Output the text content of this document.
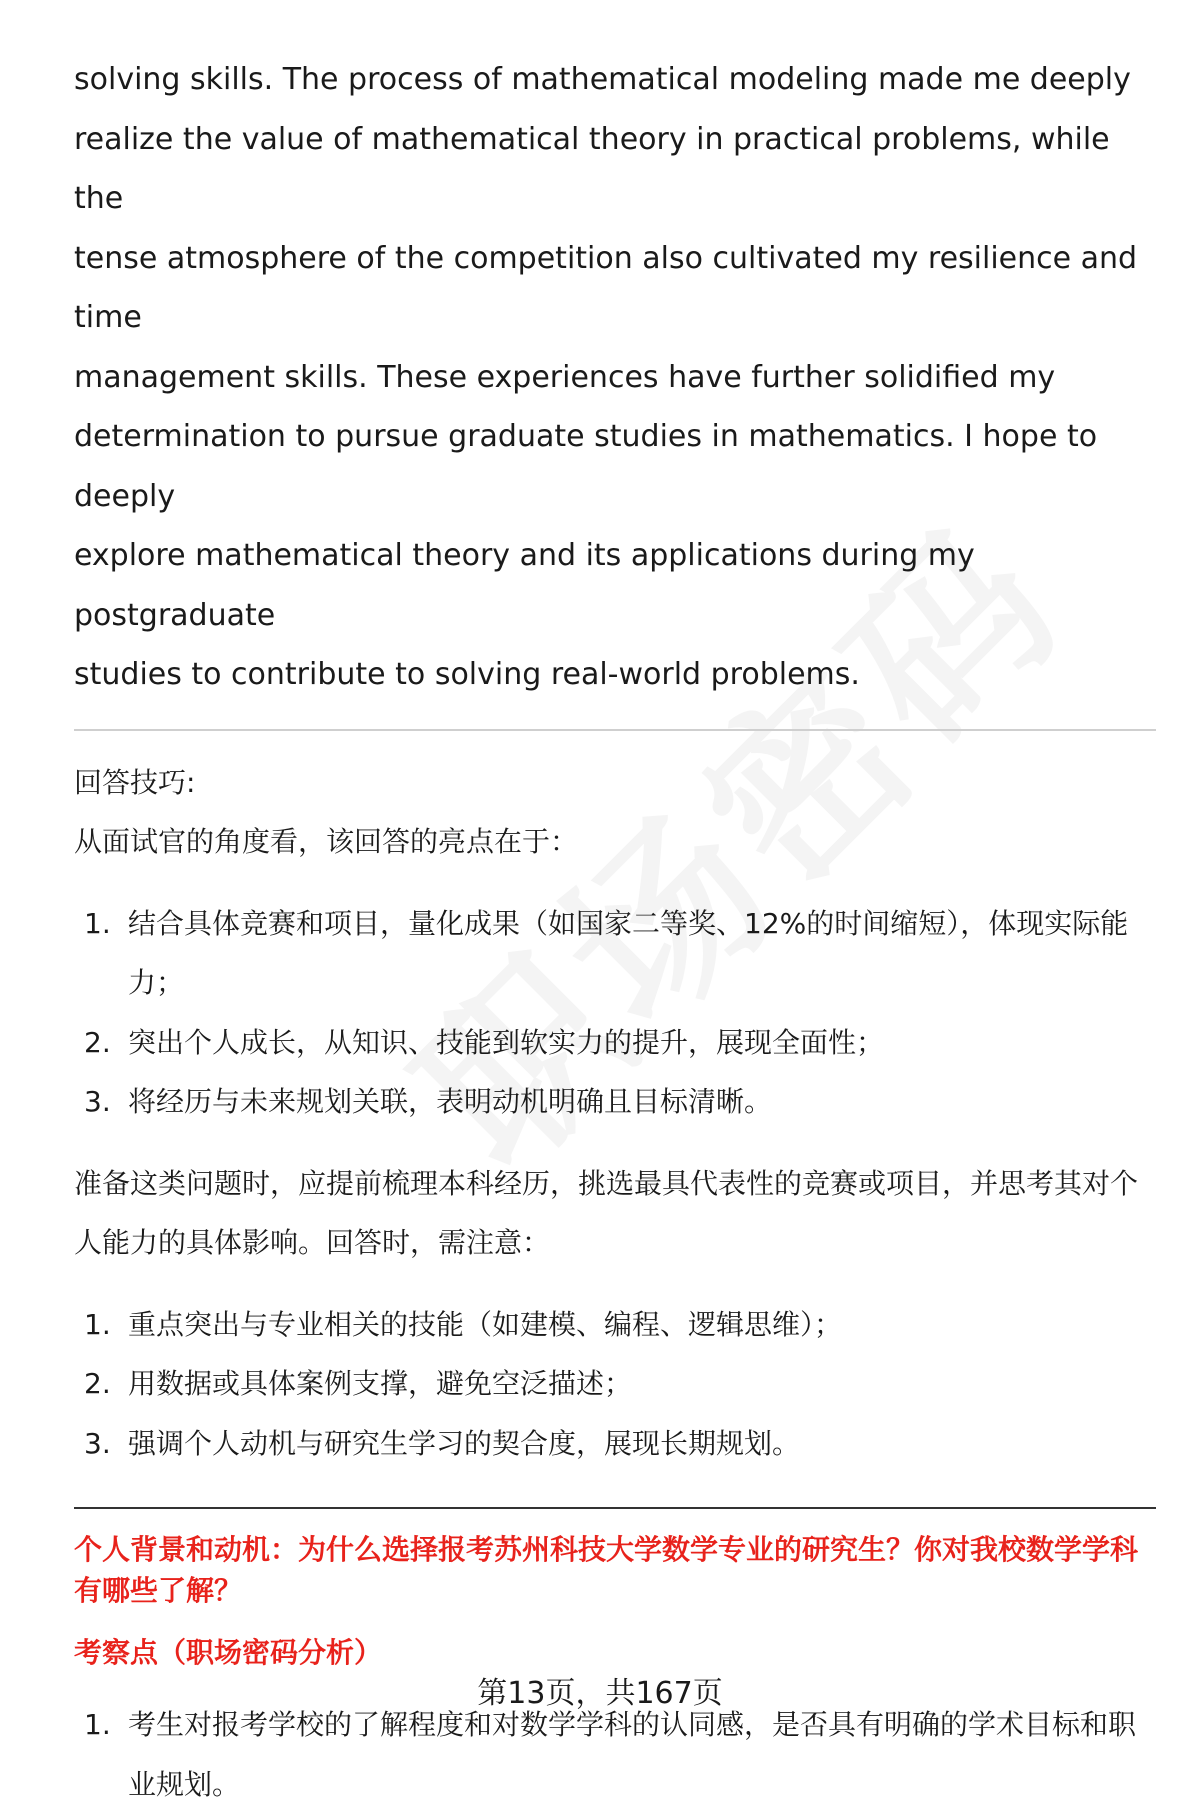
solving skills. The process of mathematical modeling made me deeply

realize the value of mathematical theory in practical problems, while the

tense atmosphere of the competition also cultivated my resilience and time

management skills. These experiences have further solidified my

determination to pursue graduate studies in mathematics. I hope to deeply

explore mathematical theory and its applications during my postgraduate

studies to contribute to solving real-world problems.

回答技巧:

从面试官的角度看，该回答的亮点在于：

1. 结合具体竞赛和项目，量化成果（如国家二等奖、12%的时间缩短），体现实际能力；
2. 突出个人成长，从知识、技能到软实力的提升，展现全面性；
3. 将经历与未来规划关联，表明动机明确且目标清晰。

准备这类问题时，应提前梳理本科经历，挑选最具代表性的竞赛或项目，并思考其对个人能力的具体影响。回答时，需注意：

1. 重点突出与专业相关的技能（如建模、编程、逻辑思维）；
2. 用数据或具体案例支撑，避免空泛描述；
3. 强调个人动机与研究生学习的契合度，展现长期规划。

个人背景和动机：为什么选择报考苏州科技大学数学专业的研究生？你对我校数学学科有哪些了解？

考察点（职场密码分析）

1. 考生对报考学校的了解程度和对数学学科的认同感，是否具有明确的学术目标和职业规划。
第13页，共167页
